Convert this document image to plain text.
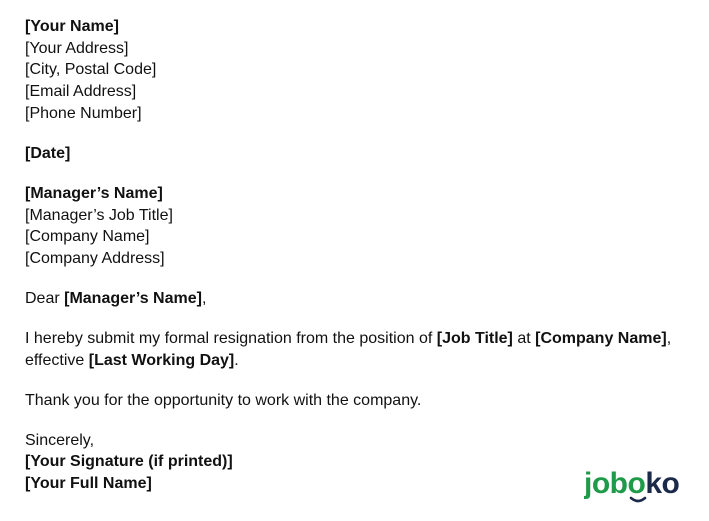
[Your Name]
[Your Address]
[City, Postal Code]
[Email Address]
[Phone Number]
[Date]
[Manager’s Name]
[Manager’s Job Title]
[Company Name]
[Company Address]
Dear [Manager’s Name],
I hereby submit my formal resignation from the position of [Job Title] at [Company Name], effective [Last Working Day].
Thank you for the opportunity to work with the company.
Sincerely,
[Your Signature (if printed)]
[Your Full Name]	joboko
